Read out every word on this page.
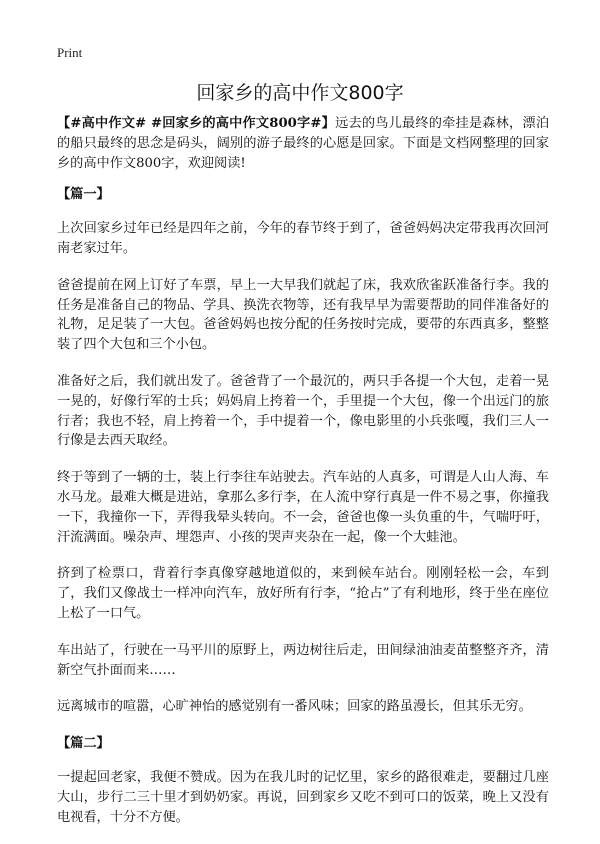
Print
回家乡的高中作文800字

【#高中作文# #回家乡的高中作文800字#】远去的鸟儿最终的牵挂是森林，漂泊的船只最终的思念是码头，阔别的游子最终的心愿是回家。下面是文档网整理的回家乡的高中作文800字，欢迎阅读!

【篇一】

上次回家乡过年已经是四年之前，今年的春节终于到了，爸爸妈妈决定带我再次回河南老家过年。

爸爸提前在网上订好了车票，早上一大早我们就起了床，我欢欣雀跃准备行李。我的任务是准备自己的物品、学具、换洗衣物等，还有我早早为需要帮助的同伴准备好的礼物，足足装了一大包。爸爸妈妈也按分配的任务按时完成，要带的东西真多，整整装了四个大包和三个小包。

准备好之后，我们就出发了。爸爸背了一个最沉的，两只手各提一个大包，走着一晃一晃的，好像行军的士兵；妈妈肩上挎着一个，手里提一个大包，像一个出远门的旅行者；我也不轻，肩上挎着一个，手中提着一个，像电影里的小兵张嘎，我们三人一行像是去西天取经。

终于等到了一辆的士，装上行李往车站驶去。汽车站的人真多，可谓是人山人海、车水马龙。最难大概是进站，拿那么多行李，在人流中穿行真是一件不易之事，你撞我一下，我撞你一下，弄得我晕头转向。不一会，爸爸也像一头负重的牛，气喘吁吁，汗流满面。噪杂声、埋怨声、小孩的哭声夹杂在一起，像一个大蛙池。

挤到了检票口，背着行李真像穿越地道似的，来到候车站台。刚刚轻松一会，车到了，我们又像战士一样冲向汽车，放好所有行李，“抢占”了有利地形，终于坐在座位上松了一口气。

车出站了，行驶在一马平川的原野上，两边树往后走，田间绿油油麦苗整整齐齐，清新空气扑面而来……

远离城市的喧嚣，心旷神怡的感觉别有一番风味；回家的路虽漫长，但其乐无穷。

【篇二】

一提起回老家，我便不赞成。因为在我儿时的记忆里，家乡的路很难走，要翻过几座大山，步行二三十里才到奶奶家。再说，回到家乡又吃不到可口的饭菜，晚上又没有电视看，十分不方便。
